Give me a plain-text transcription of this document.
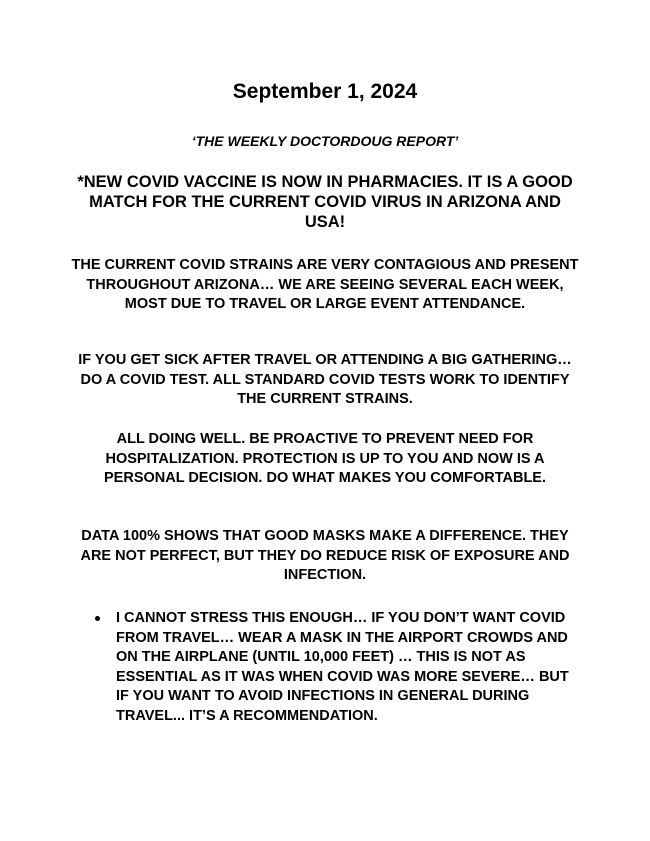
September 1, 2024
‘THE WEEKLY DOCTORDOUG REPORT’
*NEW COVID VACCINE IS NOW IN PHARMACIES. IT IS A GOOD MATCH FOR THE CURRENT COVID VIRUS IN ARIZONA AND USA!
THE CURRENT COVID STRAINS ARE VERY CONTAGIOUS AND PRESENT THROUGHOUT ARIZONA… WE ARE SEEING SEVERAL EACH WEEK, MOST DUE TO TRAVEL OR LARGE EVENT ATTENDANCE.
IF YOU GET SICK AFTER TRAVEL OR ATTENDING A BIG GATHERING… DO A COVID TEST. ALL STANDARD COVID TESTS WORK TO IDENTIFY THE CURRENT STRAINS.
ALL DOING WELL. BE PROACTIVE TO PREVENT NEED FOR HOSPITALIZATION. PROTECTION IS UP TO YOU AND NOW IS A PERSONAL DECISION. DO WHAT MAKES YOU COMFORTABLE.
DATA 100% SHOWS THAT GOOD MASKS MAKE A DIFFERENCE. THEY ARE NOT PERFECT, BUT THEY DO REDUCE RISK OF EXPOSURE AND INFECTION.
I CANNOT STRESS THIS ENOUGH… IF YOU DON’T WANT COVID FROM TRAVEL… WEAR A MASK IN THE AIRPORT CROWDS AND ON THE AIRPLANE (UNTIL 10,000 FEET) … THIS IS NOT AS ESSENTIAL AS IT WAS WHEN COVID WAS MORE SEVERE… BUT IF YOU WANT TO AVOID INFECTIONS IN GENERAL DURING TRAVEL... IT’S A RECOMMENDATION.
